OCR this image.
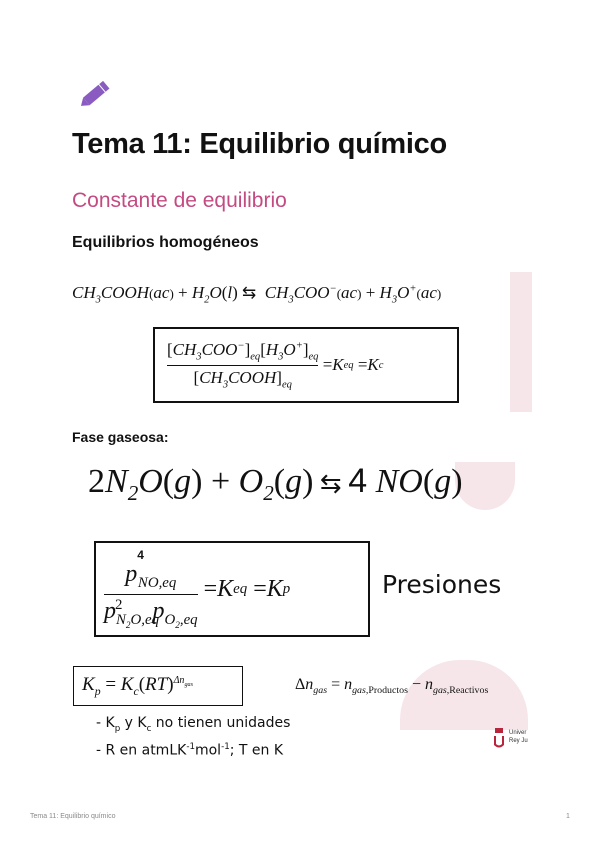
Tema 11: Equilibrio químico
Constante de equilibrio
Equilibrios homogéneos
$CH_3COOH(ac) + H_2O(l)$ ⇆  $CH_3COO^-(ac) + H_3O^+(ac)$
$\frac{[CH_3COO^-]_{eq}[H_3O^+]_{eq}}{[CH_3COOH]_{eq}} = K$ eq = K c
Fase gaseosa:
$2N_2O(g) + O_2(g)$ ⇆ 4 NO(g)
$\frac{p^4_{NO,eq}}{p_{N_2O,eq}^2 p_{O_2,eq}} = K$ eq = K p	Presiones
$K_p = K_c(RT)^{\Delta n_{gas}}$	$\Delta n_{gas} = n_{gas,Productos} - n_{gas,Reactivos}$
- $K_p$ y $K_c$ no tienen unidades
- R en atmLK$^{-1}$mol$^{-1}$; T en K
Univer Rey Ju
Tema 11: Equilibrio químico	1
